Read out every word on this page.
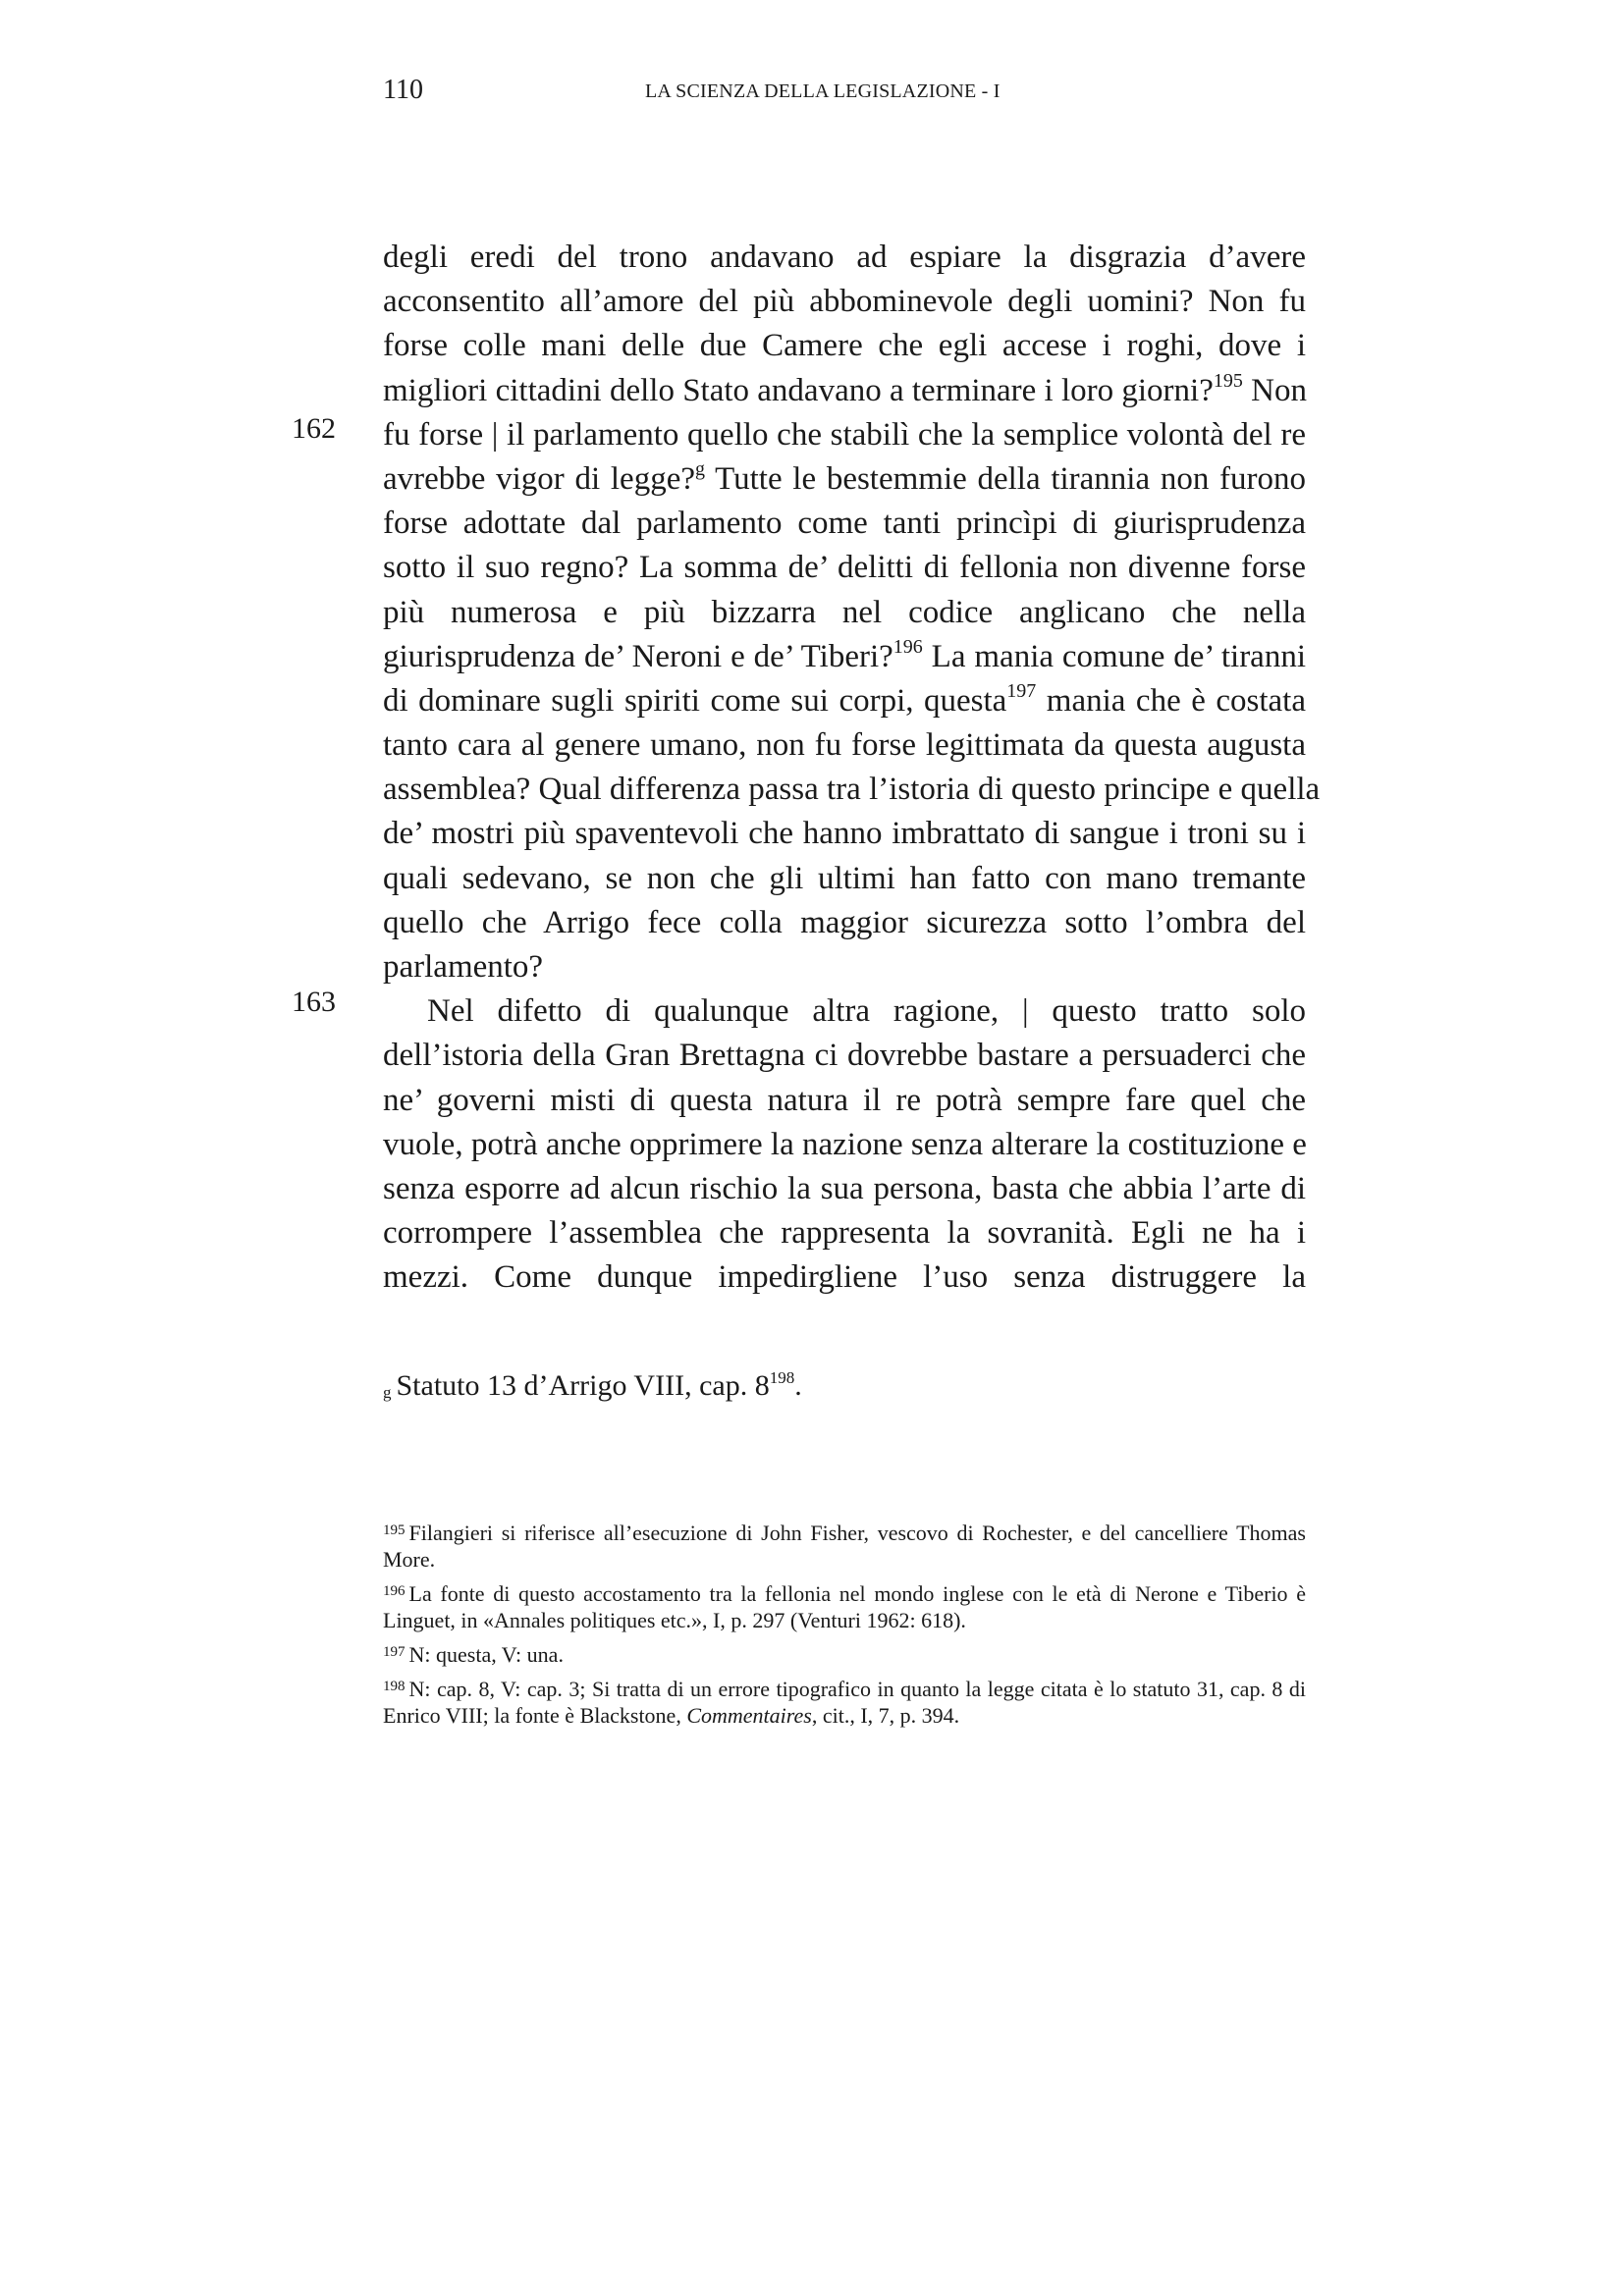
110	LA SCIENZA DELLA LEGISLAZIONE - I
162
163
degli eredi del trono andavano ad espiare la disgrazia d’avere
acconsentito all’amore del più abbominevole degli uomini? Non fu
forse colle mani delle due Camere che egli accese i roghi, dove i
migliori cittadini dello Stato andavano a terminare i loro giorni?$^{195}$ Non
fu forse | il parlamento quello che stabilì che la semplice volontà del re
avrebbe vigor di legge?$^g$ Tutte le bestemmie della tirannia non furono
forse adottate dal parlamento come tanti princìpi di giurisprudenza
sotto il suo regno? La somma de’ delitti di fellonia non divenne forse
più numerosa e più bizzarra nel codice anglicano che nella
giurisprudenza de’ Neroni e de’ Tiberi?$^{196}$ La mania comune de’ tiranni
di dominare sugli spiriti come sui corpi, questa$^{197}$ mania che è costata
tanto cara al genere umano, non fu forse legittimata da questa augusta
assemblea? Qual differenza passa tra l’istoria di questo principe e quella
de’ mostri più spaventevoli che hanno imbrattato di sangue i troni su i
quali sedevano, se non che gli ultimi han fatto con mano tremante
quello che Arrigo fece colla maggior sicurezza sotto l’ombra del
parlamento?
Nel difetto di qualunque altra ragione, | questo tratto solo
dell’istoria della Gran Brettagna ci dovrebbe bastare a persuaderci che
ne’ governi misti di questa natura il re potrà sempre fare quel che
vuole, potrà anche opprimere la nazione senza alterare la costituzione e
senza esporre ad alcun rischio la sua persona, basta che abbia l’arte di
corrompere l’assemblea che rappresenta la sovranità. Egli ne ha i
mezzi. Come dunque impedirgliene l’uso senza distruggere la
g Statuto 13 d’Arrigo VIII, cap. $8^{198}$.
$^{195}$ Filangieri si riferisce all’esecuzione di John Fisher, vescovo di Rochester, e del cancelliere Thomas More.
$^{196}$ La fonte di questo accostamento tra la fellonia nel mondo inglese con le età di Nerone e Tiberio è Linguet, in «Annales politiques etc.», I, p. 297 (Venturi 1962: 618).
$^{197}$ N: questa, V: una.
$^{198}$ N: cap. 8, V: cap. 3; Si tratta di un errore tipografico in quanto la legge citata è lo statuto 31, cap. 8 di Enrico VIII; la fonte è Blackstone, Commentaires, cit., I, 7, p. 394.
